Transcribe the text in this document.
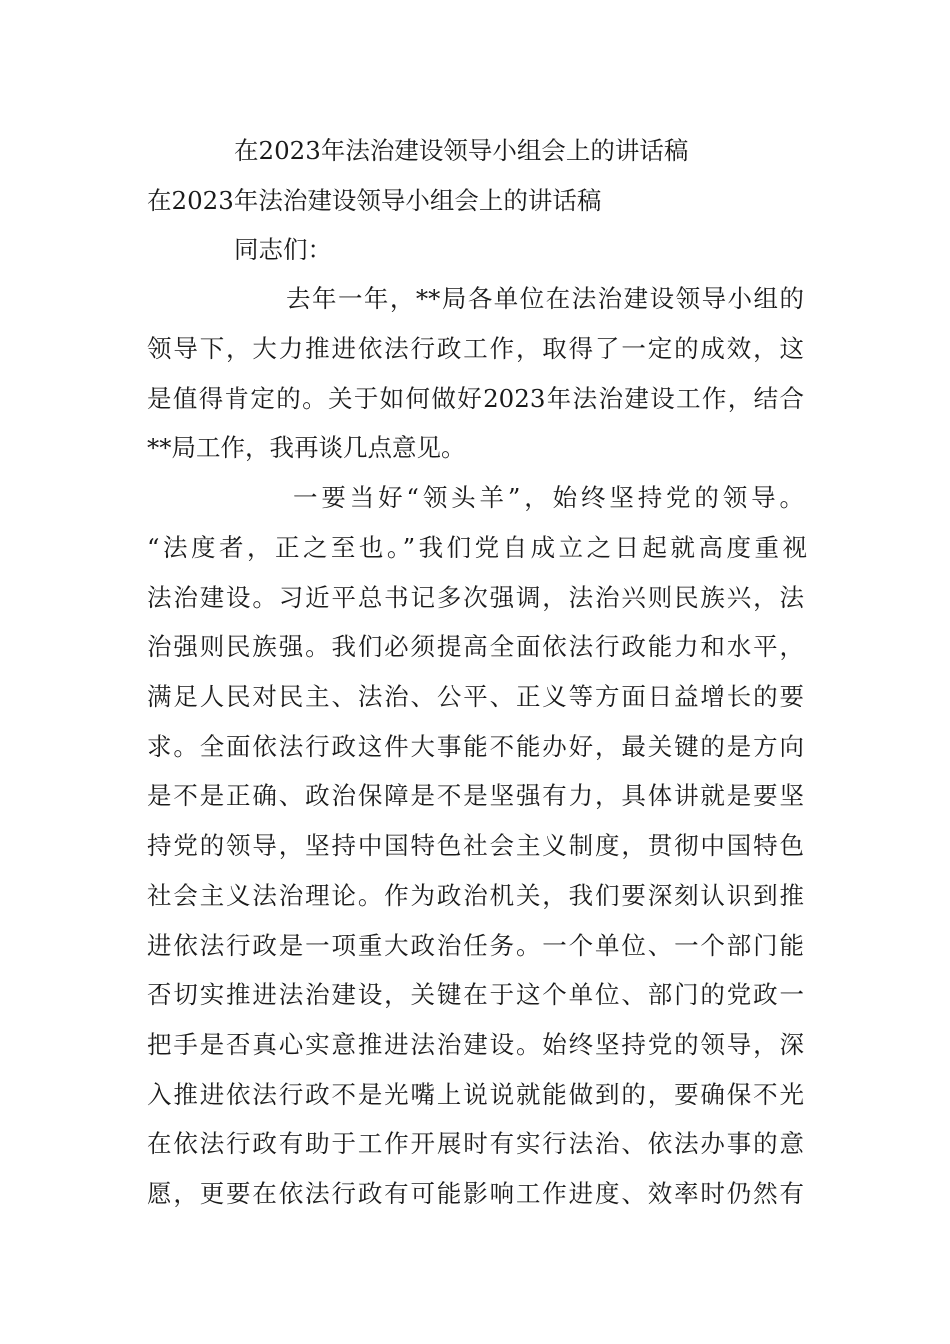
在2023年法治建设领导小组会上的讲话稿

在2023年法治建设领导小组会上的讲话稿

同志们：

去年一年，**局各单位在法治建设领导小组的

领导下，大力推进依法行政工作，取得了一定的成效，这

是值得肯定的。关于如何做好2023年法治建设工作，结合

**局工作，我再谈几点意见。

一要当好“领头羊”，始终坚持党的领导。

“法度者，正之至也。”我们党自成立之日起就高度重视

法治建设。习近平总书记多次强调，法治兴则民族兴，法

治强则民族强。我们必须提高全面依法行政能力和水平，

满足人民对民主、法治、公平、正义等方面日益增长的要

求。全面依法行政这件大事能不能办好，最关键的是方向

是不是正确、政治保障是不是坚强有力，具体讲就是要坚

持党的领导，坚持中国特色社会主义制度，贯彻中国特色

社会主义法治理论。作为政治机关，我们要深刻认识到推

进依法行政是一项重大政治任务。一个单位、一个部门能

否切实推进法治建设，关键在于这个单位、部门的党政一

把手是否真心实意推进法治建设。始终坚持党的领导，深

入推进依法行政不是光嘴上说说就能做到的，要确保不光

在依法行政有助于工作开展时有实行法治、依法办事的意

愿，更要在依法行政有可能影响工作进度、效率时仍然有
